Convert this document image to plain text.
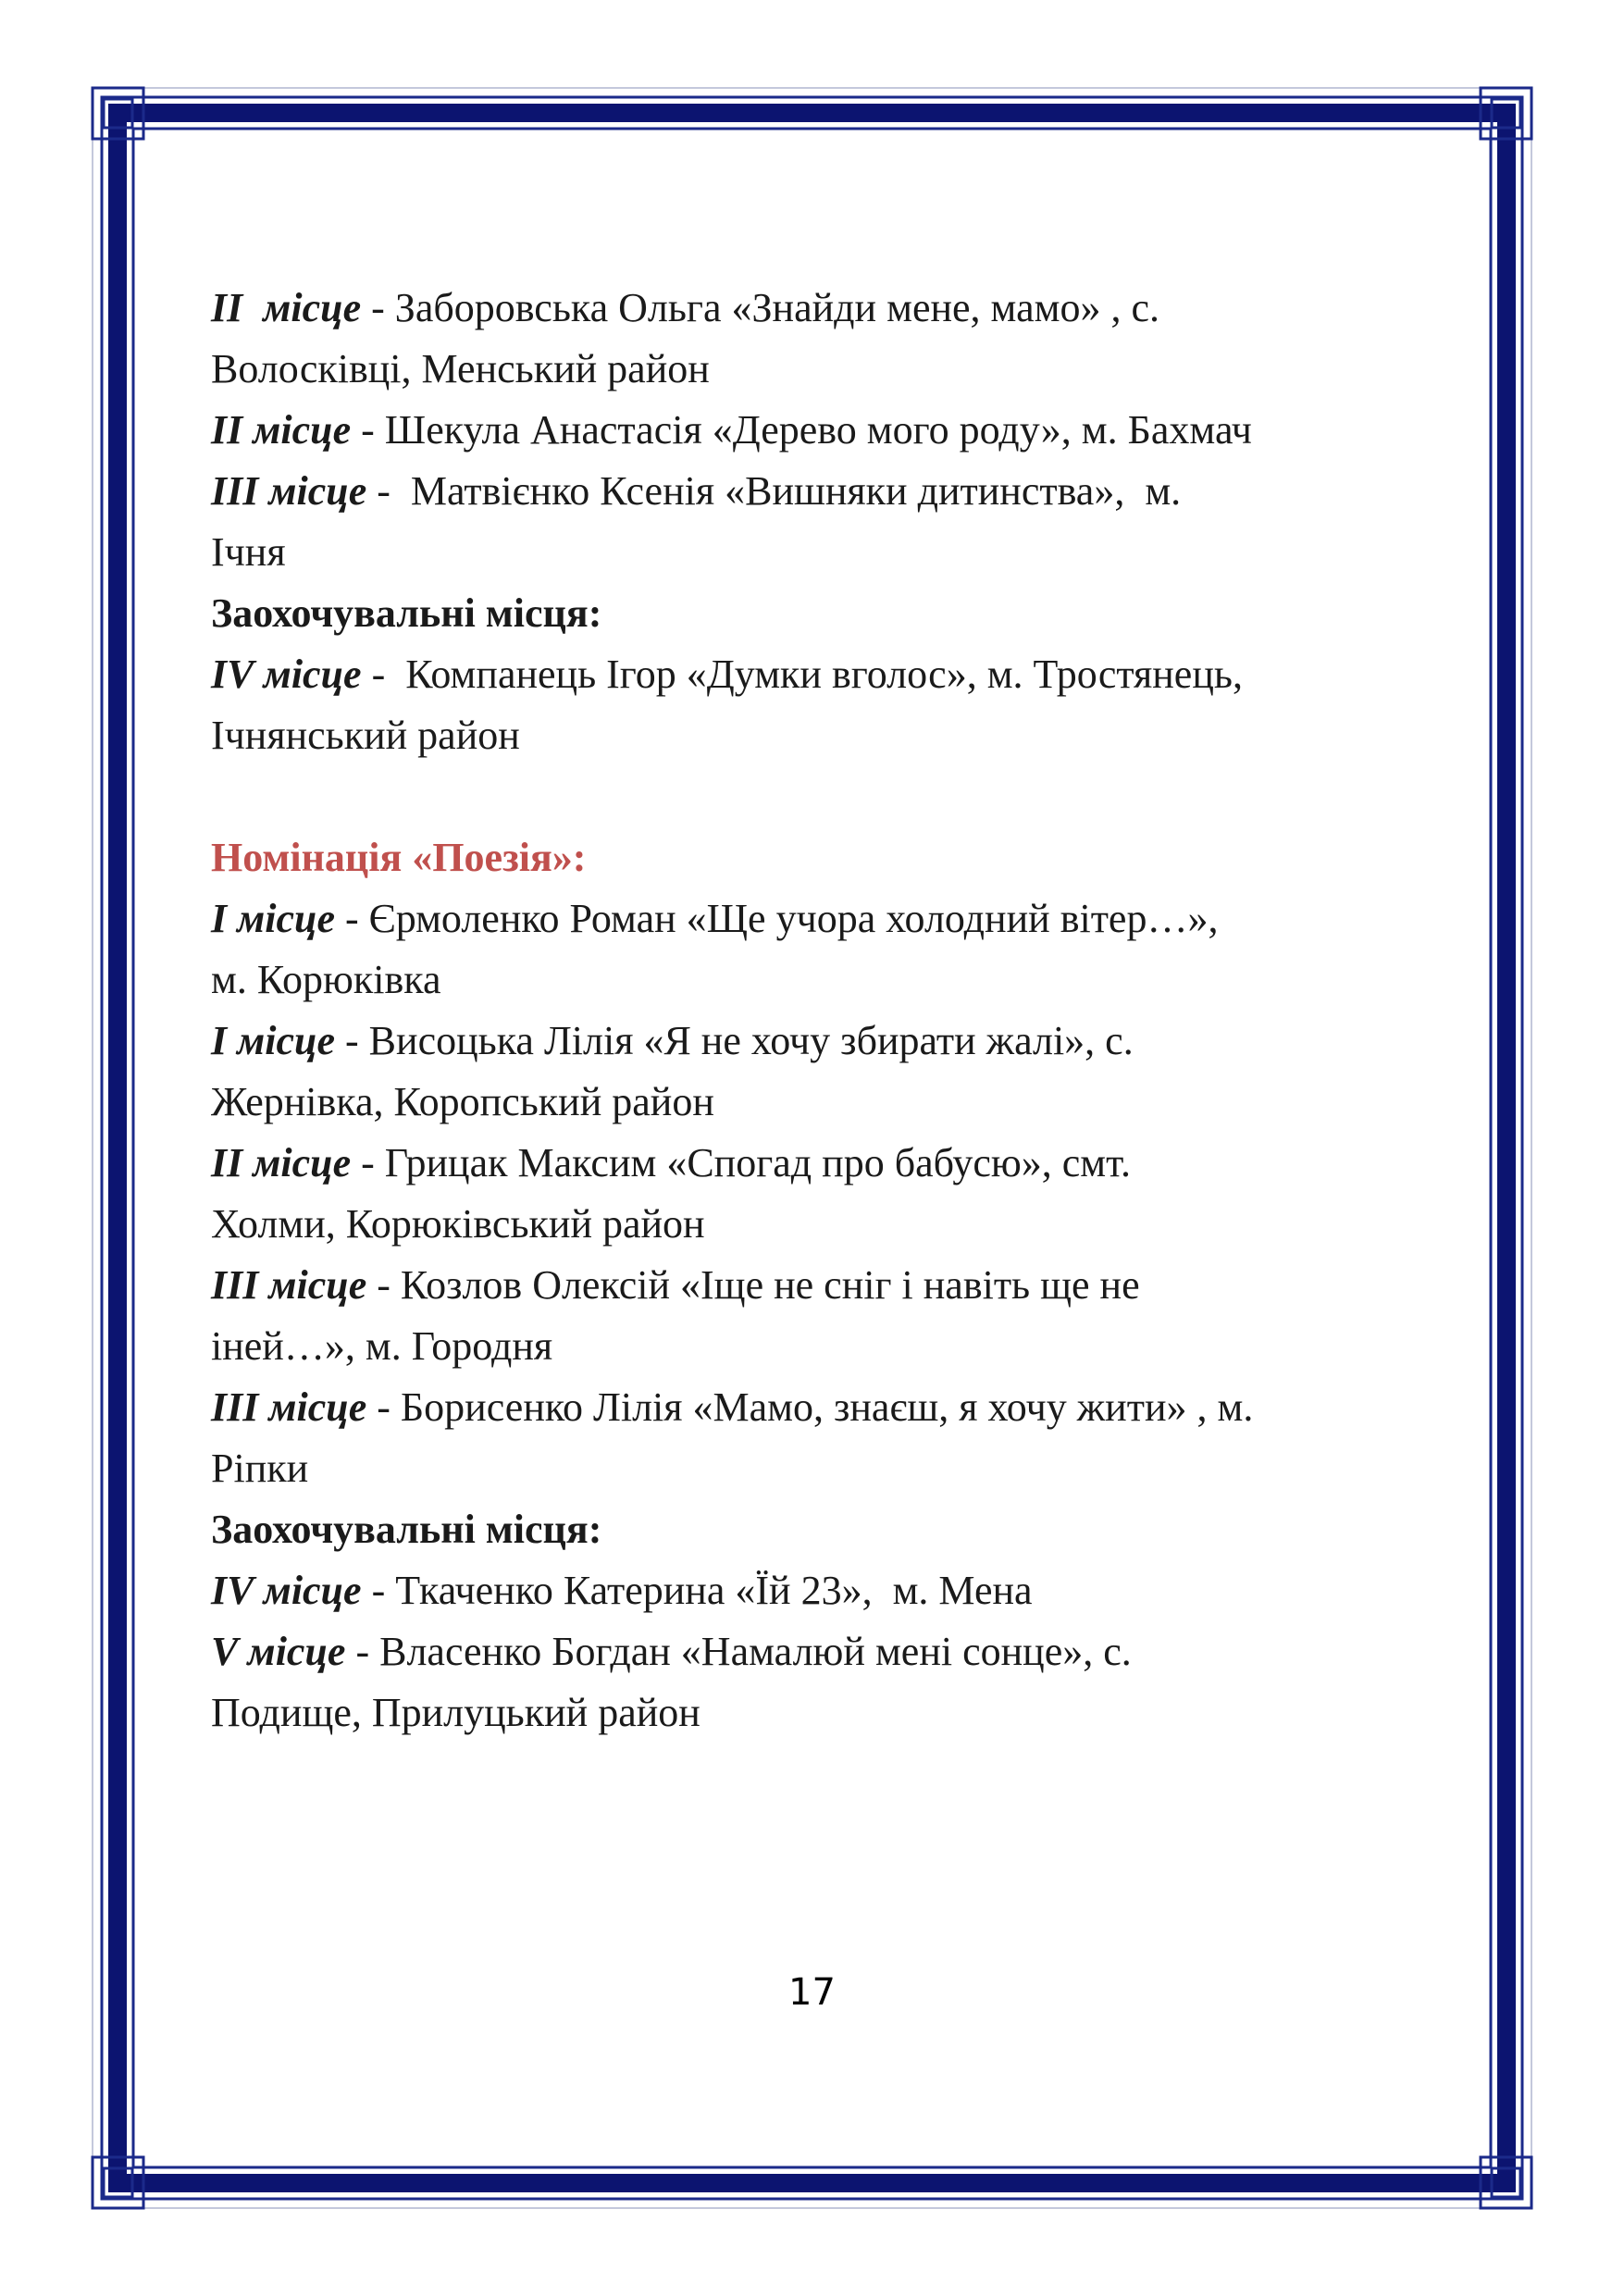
II  місце - Заборовська Ольга «Знайди мене, мамо» , с.
Волосківці, Менський район
II місце - Шекула Анастасія «Дерево мого роду», м. Бахмач
III місце -  Матвієнко Ксенія «Вишняки дитинства»,  м.
Ічня
Заохочувальні місця:
IV місце -  Компанець Ігор «Думки вголос», м. Тростянець,
Ічнянський район
Номінація «Поезія»:
I місце - Єрмоленко Роман «Ще учора холодний вітер…»,
м. Корюківка
I місце - Висоцька Лілія «Я не хочу збирати жалі», с.
Жернівка, Коропський район
II місце - Грицак Максим «Спогад про бабусю», смт.
Холми, Корюківський район
III місце - Козлов Олексій «Іще не сніг і навіть ще не
іней…», м. Городня
III місце - Борисенко Лілія «Мамо, знаєш, я хочу жити» , м.
Ріпки
Заохочувальні місця:
IV місце - Ткаченко Катерина «Їй 23»,  м. Мена
V місце - Власенко Богдан «Намалюй мені сонце», с.
Подище, Прилуцький район
17
